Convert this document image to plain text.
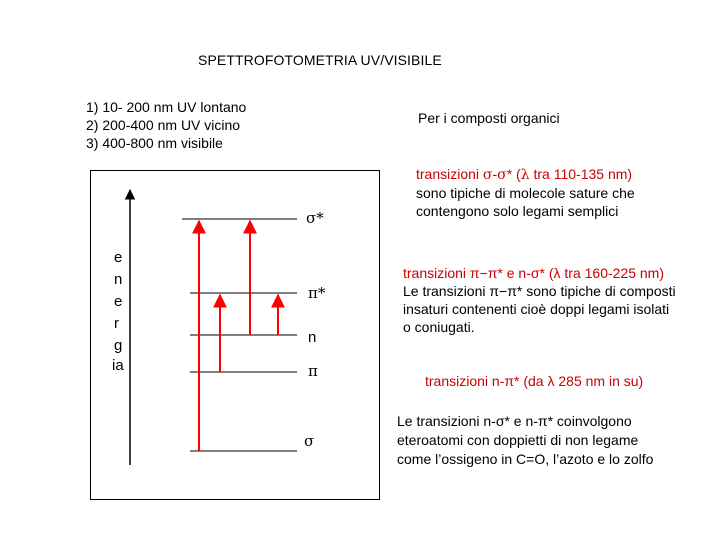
SPETTROFOTOMETRIA UV/VISIBILE
1) 10- 200 nm UV lontano
2) 200-400 nm UV vicino
3) 400-800 nm visibile
Per i composti organici
transizioni σ-σ* (λ tra 110-135 nm)
sono tipiche di molecole sature che
contengono solo legami semplici
transizioni π−π* e n-σ* (λ tra 160-225 nm)
Le transizioni π−π* sono tipiche di composti
insaturi contenenti cioè doppi legami isolati
o coniugati.
transizioni n-π* (da λ 285 nm in su)
Le transizioni n-σ* e n-π* coinvolgono
eteroatomi con doppietti di non legame
come l’ossigeno in C=O, l’azoto e lo zolfo
e
n
e
r
g
ia
σ*
π*
n
π
σ
